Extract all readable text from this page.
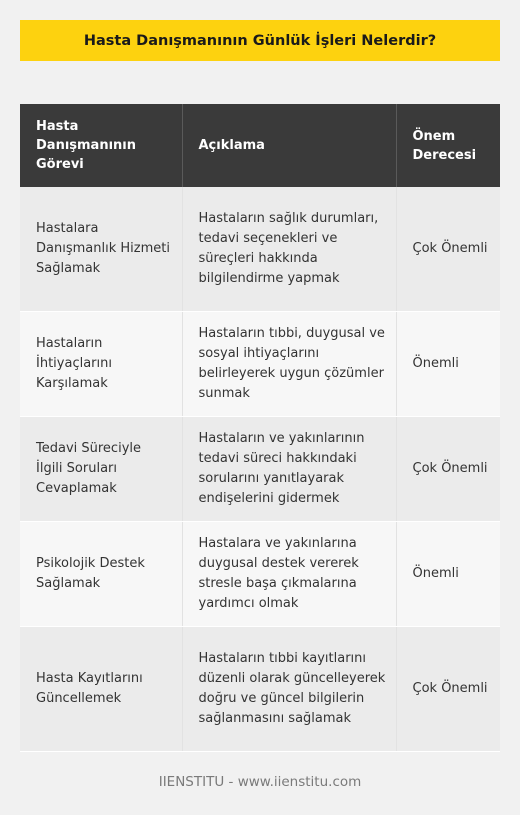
Hasta Danışmanının Günlük İşleri Nelerdir?
Hasta Danışmanının Görevi	Açıklama	Önem Derecesi
Hastalara Danışmanlık Hizmeti Sağlamak	Hastaların sağlık durumları, tedavi seçenekleri ve süreçleri hakkında bilgilendirme yapmak	Çok Önemli
Hastaların İhtiyaçlarını Karşılamak	Hastaların tıbbi, duygusal ve sosyal ihtiyaçlarını belirleyerek uygun çözümler sunmak	Önemli
Tedavi Süreciyle İlgili Soruları Cevaplamak	Hastaların ve yakınlarının tedavi süreci hakkındaki sorularını yanıtlayarak endişelerini gidermek	Çok Önemli
Psikolojik Destek Sağlamak	Hastalara ve yakınlarına duygusal destek vererek stresle başa çıkmalarına yardımcı olmak	Önemli
Hasta Kayıtlarını Güncellemek	Hastaların tıbbi kayıtlarını düzenli olarak güncelleyerek doğru ve güncel bilgilerin sağlanmasını sağlamak	Çok Önemli
IIENSTITU - www.iienstitu.com
